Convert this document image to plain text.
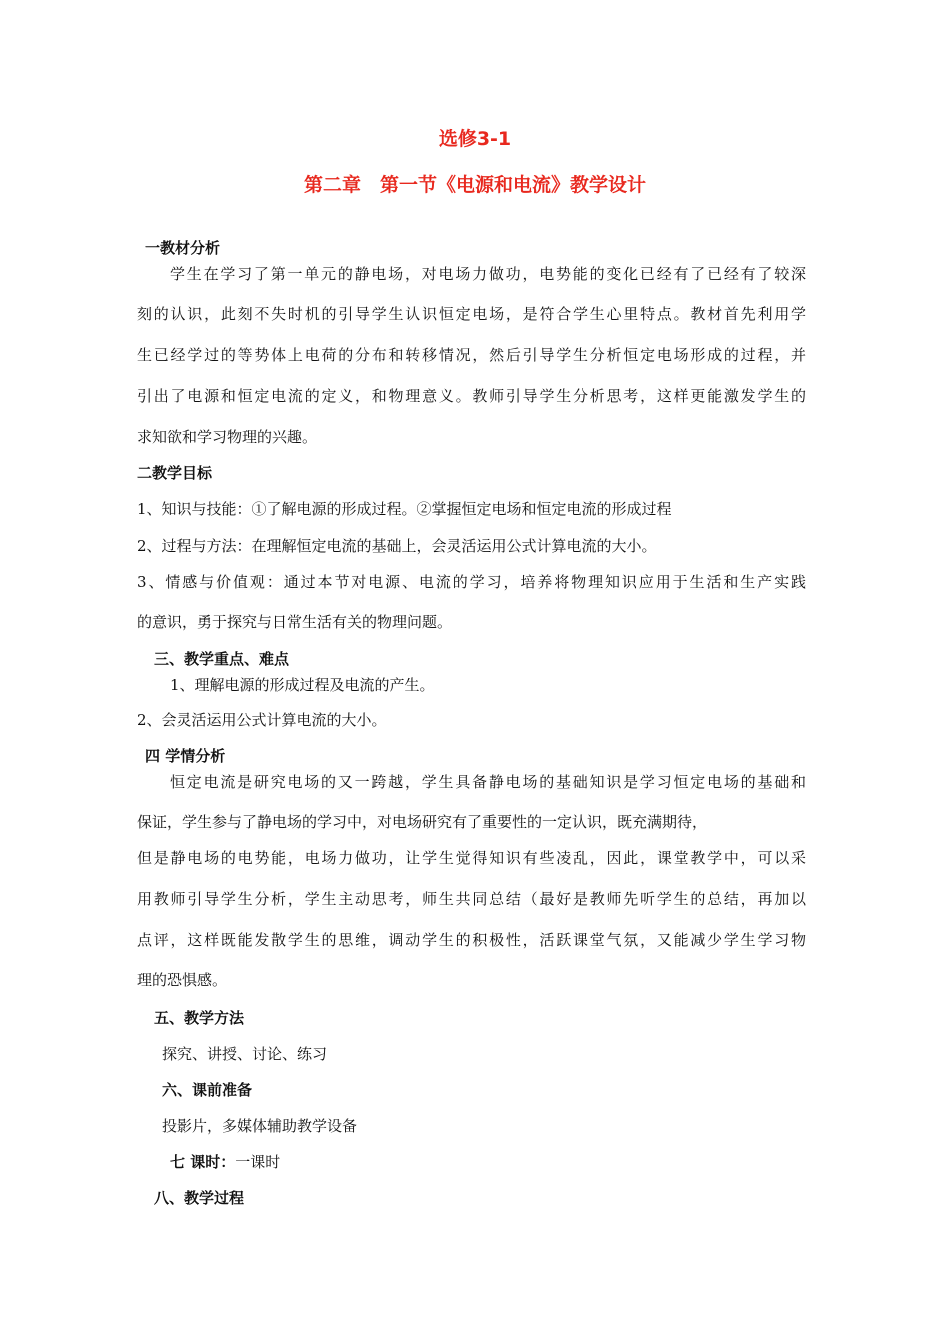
选修3-1
第二章　第一节《电源和电流》教学设计
一教材分析
学生在学习了第一单元的静电场，对电场力做功，电势能的变化已经有了已经有了较深
刻的认识，此刻不失时机的引导学生认识恒定电场，是符合学生心里特点。教材首先利用学
生已经学过的等势体上电荷的分布和转移情况，然后引导学生分析恒定电场形成的过程，并
引出了电源和恒定电流的定义，和物理意义。教师引导学生分析思考，这样更能激发学生的
求知欲和学习物理的兴趣。
二教学目标
1、知识与技能：①了解电源的形成过程。②掌握恒定电场和恒定电流的形成过程
2、过程与方法：在理解恒定电流的基础上，会灵活运用公式计算电流的大小。
3、情感与价值观：通过本节对电源、电流的学习，培养将物理知识应用于生活和生产实践
的意识，勇于探究与日常生活有关的物理问题。
三、教学重点、难点
1、理解电源的形成过程及电流的产生。
2、会灵活运用公式计算电流的大小。
四 学情分析
恒定电流是研究电场的又一跨越，学生具备静电场的基础知识是学习恒定电场的基础和
保证，学生参与了静电场的学习中，对电场研究有了重要性的一定认识，既充满期待，
但是静电场的电势能，电场力做功，让学生觉得知识有些凌乱，因此，课堂教学中，可以采
用教师引导学生分析，学生主动思考，师生共同总结（最好是教师先听学生的总结，再加以
点评，这样既能发散学生的思维，调动学生的积极性，活跃课堂气氛，又能减少学生学习物
理的恐惧感。
五、教学方法
探究、讲授、讨论、练习
六、课前准备
投影片，多媒体辅助教学设备
七 课时：一课时
八、教学过程
